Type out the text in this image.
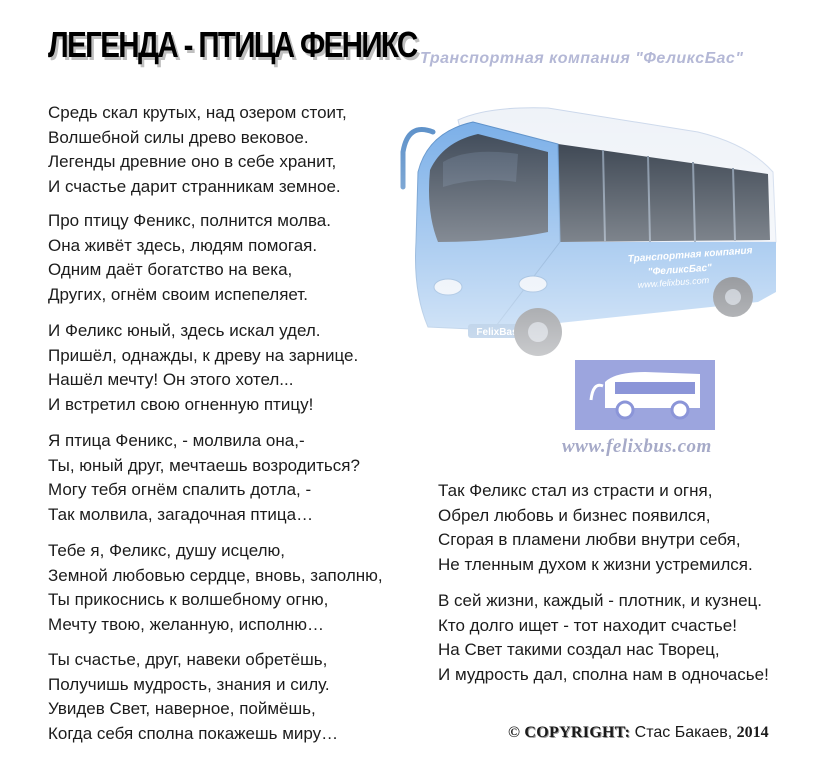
ЛЕГЕНДА - ПТИЦА ФЕНИКС Транспортная компания "ФеликсБас"
Средь скал крутых, над озером стоит,
Волшебной силы древо вековое.
Легенды древние оно в себе хранит,
И счастье дарит странникам земное.
Про птицу Феникс, полнится молва.
Она живёт здесь, людям помогая.
Одним даёт богатство на века,
Других, огнём своим испепеляет.
И Феликс юный, здесь искал удел.
Пришёл, однажды, к древу на зарнице.
Нашёл мечту! Он этого хотел...
И встретил свою огненную птицу!
Я птица Феникс, - молвила она,-
Ты, юный друг, мечтаешь возродиться?
Могу тебя огнём спалить дотла, -
Так молвила, загадочная птица…
Тебе я, Феликс, душу исцелю,
Земной любовью сердце, вновь, заполню,
Ты прикоснись к волшебному огню,
Мечту твою, желанную, исполню…
Ты счастье, друг, навеки обретёшь,
Получишь мудрость, знания и силу.
Увидев Свет, наверное, поймёшь,
Когда себя сполна покажешь миру…
Так Феликс стал из страсти и огня,
Обрел любовь и бизнес появился,
Сгорая в пламени любви внутри себя,
Не тленным духом к жизни устремился.
В сей жизни, каждый - плотник, и кузнец.
Кто долго ищет - тот находит счастье!
На Свет такими создал нас Творец,
И мудрость дал, сполна нам в одночасье!
www.felixbus.com
© COPYRIGHT: Стас Бакаев, 2014
